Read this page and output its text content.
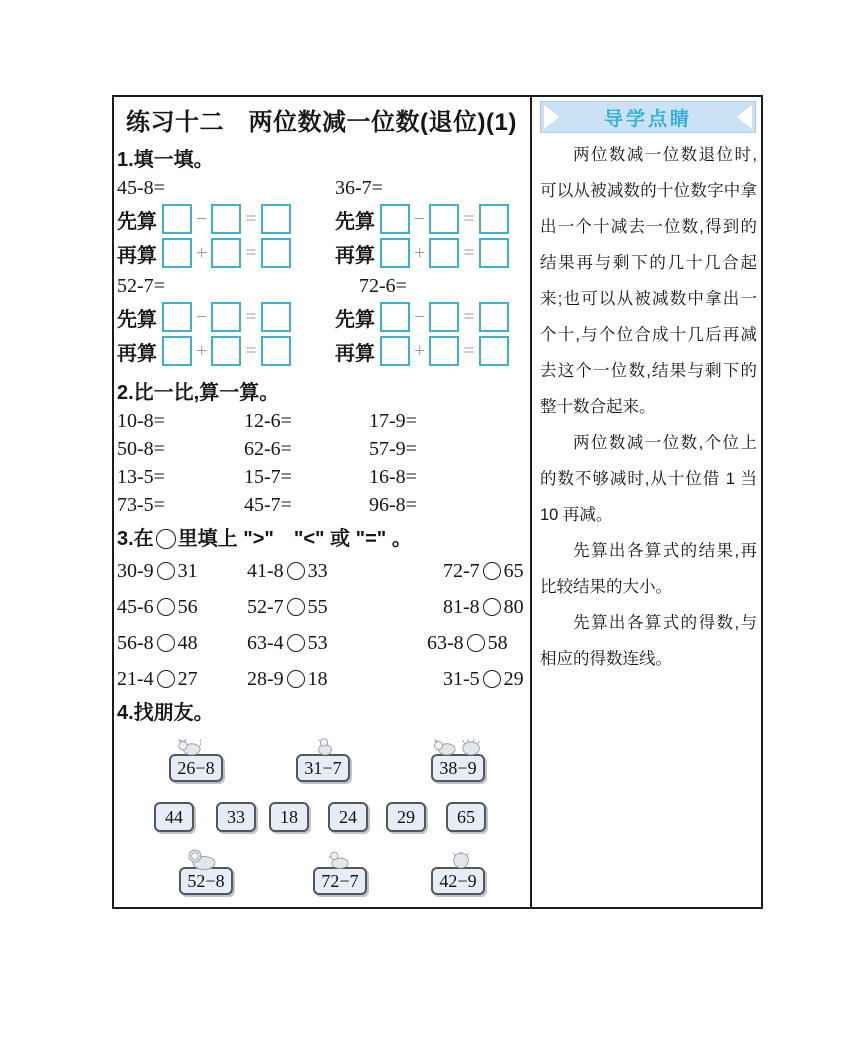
练习十二　两位数减一位数(退位)(1)
1.填一填。
45-8=
先算 − =
再算 + =
36-7=
先算 − =
再算 + =
52-7=
先算 − =
再算 + =
72-6=
先算 − =
再算 + =
2.比一比,算一算。
10-8=	12-6=	17-9=
50-8=	62-6=	57-9=
13-5=	15-7=	16-8=
73-5=	45-7=	96-8=
3.在 里填上 ">"　"<" 或 "=" 。
30-9 31	41-8 33	72-7 65
45-6 56	52-7 55	81-8 80
56-8 48	63-4 53	63-8 58
21-4 27	28-9 18	31-5 29
4.找朋友。
26−8	31−7	38−9
44	33	18	24	29	65
52−8	72−7	42−9
导学点睛

两位数减一位数退位时,可以从被减数的十位数字中拿出一个十减去一位数,得到的结果再与剩下的几十几合起来;也可以从被减数中拿出一个十,与个位合成十几后再减去这个一位数,结果与剩下的整十数合起来。

两位数减一位数,个位上的数不够减时,从十位借 1 当 10 再减。

先算出各算式的结果,再比较结果的大小。

先算出各算式的得数,与相应的得数连线。
